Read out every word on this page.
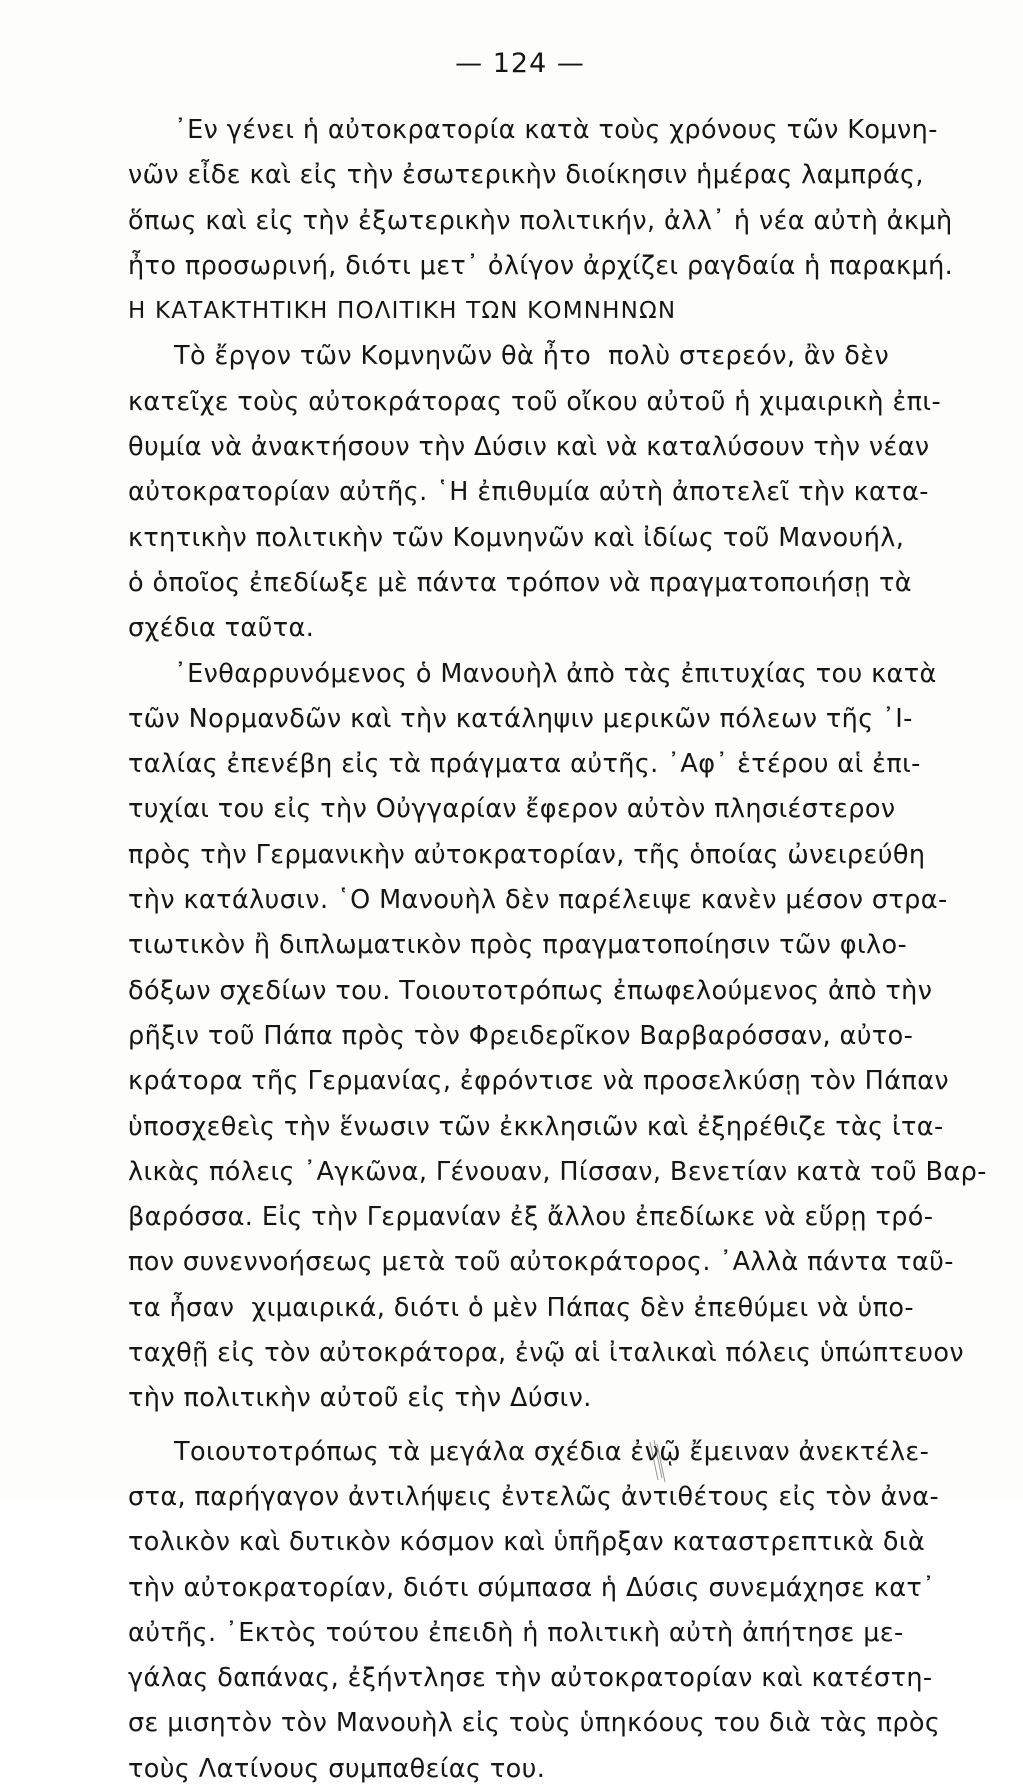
— 124 —
᾿Εν γένει ἡ αὐτοκρατορία κατὰ τοὺς χρόνους τῶν Κομνη-
νῶν εἶδε καὶ εἰς τὴν ἐσωτερικὴν διοίκησιν ἡμέρας λαμπράς,
ὅπως καὶ εἰς τὴν ἐξωτερικὴν πολιτικήν, ἀλλ᾿ ἡ νέα αὐτὴ ἀκμὴ
ἦτο προσωρινή, διότι μετ᾿ ὀλίγον ἀρχίζει ραγδαία ἡ παρακμή.
Η ΚΑΤΑΚΤΗΤΙΚΗ ΠΟΛΙΤΙΚΗ ΤΩΝ ΚΟΜΝΗΝΩΝ
Τὸ ἔργον τῶν Κομνηνῶν θὰ ἦτο  πολὺ στερεόν, ἂν δὲν
κατεῖχε τοὺς αὐτοκράτορας τοῦ οἴκου αὐτοῦ ἡ χιμαιρικὴ ἐπι-
θυμία νὰ ἀνακτήσουν τὴν Δύσιν καὶ νὰ καταλύσουν τὴν νέαν
αὐτοκρατορίαν αὐτῆς. ῾Η ἐπιθυμία αὐτὴ ἀποτελεῖ τὴν κατα-
κτητικὴν πολιτικὴν τῶν Κομνηνῶν καὶ ἰδίως τοῦ Μανουήλ,
ὁ ὁποῖος ἐπεδίωξε μὲ πάντα τρόπον νὰ πραγματοποιήσῃ τὰ
σχέδια ταῦτα.
᾿Ενθαρρυνόμενος ὁ Μανουὴλ ἀπὸ τὰς ἐπιτυχίας του κατὰ
τῶν Νορμανδῶν καὶ τὴν κατάληψιν μερικῶν πόλεων τῆς ᾿Ι-
ταλίας ἐπενέβη εἰς τὰ πράγματα αὐτῆς. ᾿Αφ᾿ ἑτέρου αἱ ἐπι-
τυχίαι του εἰς τὴν Οὐγγαρίαν ἔφερον αὐτὸν πλησιέστερον
πρὸς τὴν Γερμανικὴν αὐτοκρατορίαν, τῆς ὁποίας ὠνειρεύθη
τὴν κατάλυσιν. ῾Ο Μανουὴλ δὲν παρέλειψε κανὲν μέσον στρα-
τιωτικὸν ἢ διπλωματικὸν πρὸς πραγματοποίησιν τῶν φιλο-
δόξων σχεδίων του. Τοιουτοτρόπως ἐπωφελούμενος ἀπὸ τὴν
ρῆξιν τοῦ Πάπα πρὸς τὸν Φρειδερῖκον Βαρβαρόσσαν, αὐτο-
κράτορα τῆς Γερμανίας, ἐφρόντισε νὰ προσελκύσῃ τὸν Πάπαν
ὑποσχεθεὶς τὴν ἕνωσιν τῶν ἐκκλησιῶν καὶ ἐξηρέθιζε τὰς ἰτα-
λικὰς πόλεις ᾿Αγκῶνα, Γένουαν, Πίσσαν, Βενετίαν κατὰ τοῦ Βαρ-
βαρόσσα. Εἰς τὴν Γερμανίαν ἐξ ἄλλου ἐπεδίωκε νὰ εὕρῃ τρό-
πον συνεννοήσεως μετὰ τοῦ αὐτοκράτορος. ᾿Αλλὰ πάντα ταῦ-
τα ἦσαν  χιμαιρικά, διότι ὁ μὲν Πάπας δὲν ἐπεθύμει νὰ ὑπο-
ταχθῇ εἰς τὸν αὐτοκράτορα, ἐνῷ αἱ ἰταλικαὶ πόλεις ὑπώπτευον
τὴν πολιτικὴν αὐτοῦ εἰς τὴν Δύσιν.
Τοιουτοτρόπως τὰ μεγάλα σχέδια ἐνῷ ἔμειναν ἀνεκτέλε-
στα, παρήγαγον ἀντιλήψεις ἐντελῶς ἀντιθέτους εἰς τὸν ἀνα-
τολικὸν καὶ δυτικὸν κόσμον καὶ ὑπῆρξαν καταστρεπτικὰ διὰ
τὴν αὐτοκρατορίαν, διότι σύμπασα ἡ Δύσις συνεμάχησε κατ᾿
αὐτῆς. ᾿Εκτὸς τούτου ἐπειδὴ ἡ πολιτικὴ αὐτὴ ἀπήτησε με-
γάλας δαπάνας, ἐξήντλησε τὴν αὐτοκρατορίαν καὶ κατέστη-
σε μισητὸν τὸν Μανουὴλ εἰς τοὺς ὑπηκόους του διὰ τὰς πρὸς
τοὺς Λατίνους συμπαθείας του.
